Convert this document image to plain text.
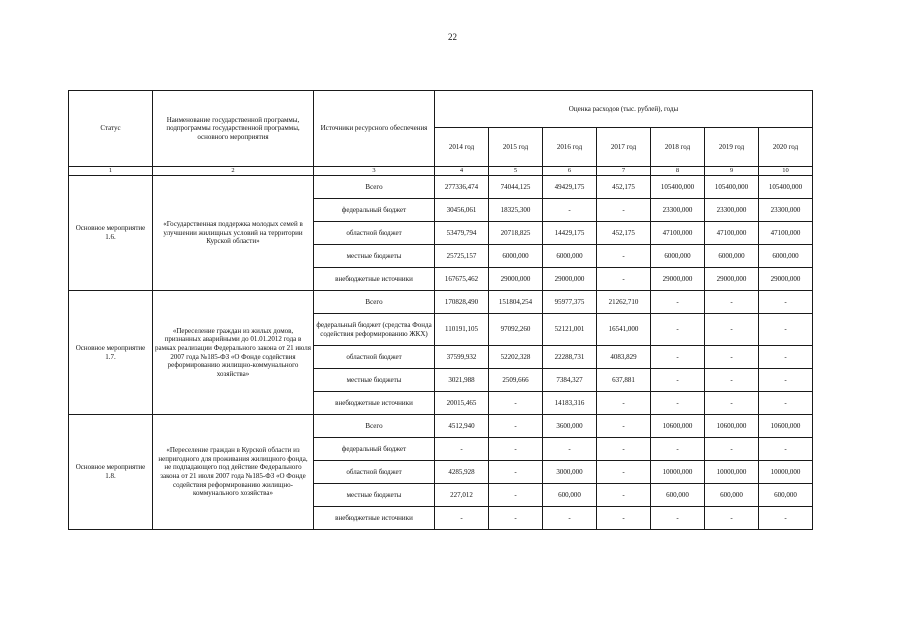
22
Статус	Наименование государственной программы, подпрограммы государственной программы, основного мероприятия	Источники ресурсного обеспечения	Оценка расходов (тыс. рублей), годы						
			2014 год	2015 год	2016 год	2017 год	2018 год	2019 год	2020 год
1	2	3	4	5	6	7	8	9	10
Основное мероприятие 1.6.	«Государственная поддержка молодых семей в улучшении жилищных условий на территории Курской области»	Всего	277336,474	74044,125	49429,175	452,175	105400,000	105400,000	105400,000
		федеральный бюджет	30456,061	18325,300	-	-	23300,000	23300,000	23300,000
		областной бюджет	53479,794	20718,825	14429,175	452,175	47100,000	47100,000	47100,000
		местные бюджеты	25725,157	6000,000	6000,000	-	6000,000	6000,000	6000,000
		внебюджетные источники	167675,462	29000,000	29000,000	-	29000,000	29000,000	29000,000
Основное мероприятие 1.7.	«Переселение граждан из жилых домов, признанных аварийными до 01.01.2012 года в рамках реализации Федерального закона от 21 июля 2007 года №185-ФЗ «О Фонде содействия реформированию жилищно-коммунального хозяйства»	Всего	170828,490	151804,254	95977,375	21262,710	-	-	-
		федеральный бюджет (средства Фонда содействия реформированию ЖКХ)	110191,105	97092,260	52121,001	16541,000	-	-	-
		областной бюджет	37599,932	52202,328	22288,731	4083,829	-	-	-
		местные бюджеты	3021,988	2509,666	7384,327	637,881	-	-	-
		внебюджетные источники	20015,465	-	14183,316	-	-	-	-
Основное мероприятие 1.8.	«Переселение граждан в Курской области из непригодного для проживания жилищного фонда, не подпадающего под действие Федерального закона от 21 июля 2007 года №185-ФЗ «О Фонде содействия реформированию жилищно-коммунального хозяйства»	Всего	4512,940	-	3600,000	-	10600,000	10600,000	10600,000
		федеральный бюджет	-	-	-	-	-	-	-
		областной бюджет	4285,928	-	3000,000	-	10000,000	10000,000	10000,000
		местные бюджеты	227,012	-	600,000	-	600,000	600,000	600,000
		внебюджетные источники	-	-	-	-	-	-	-
